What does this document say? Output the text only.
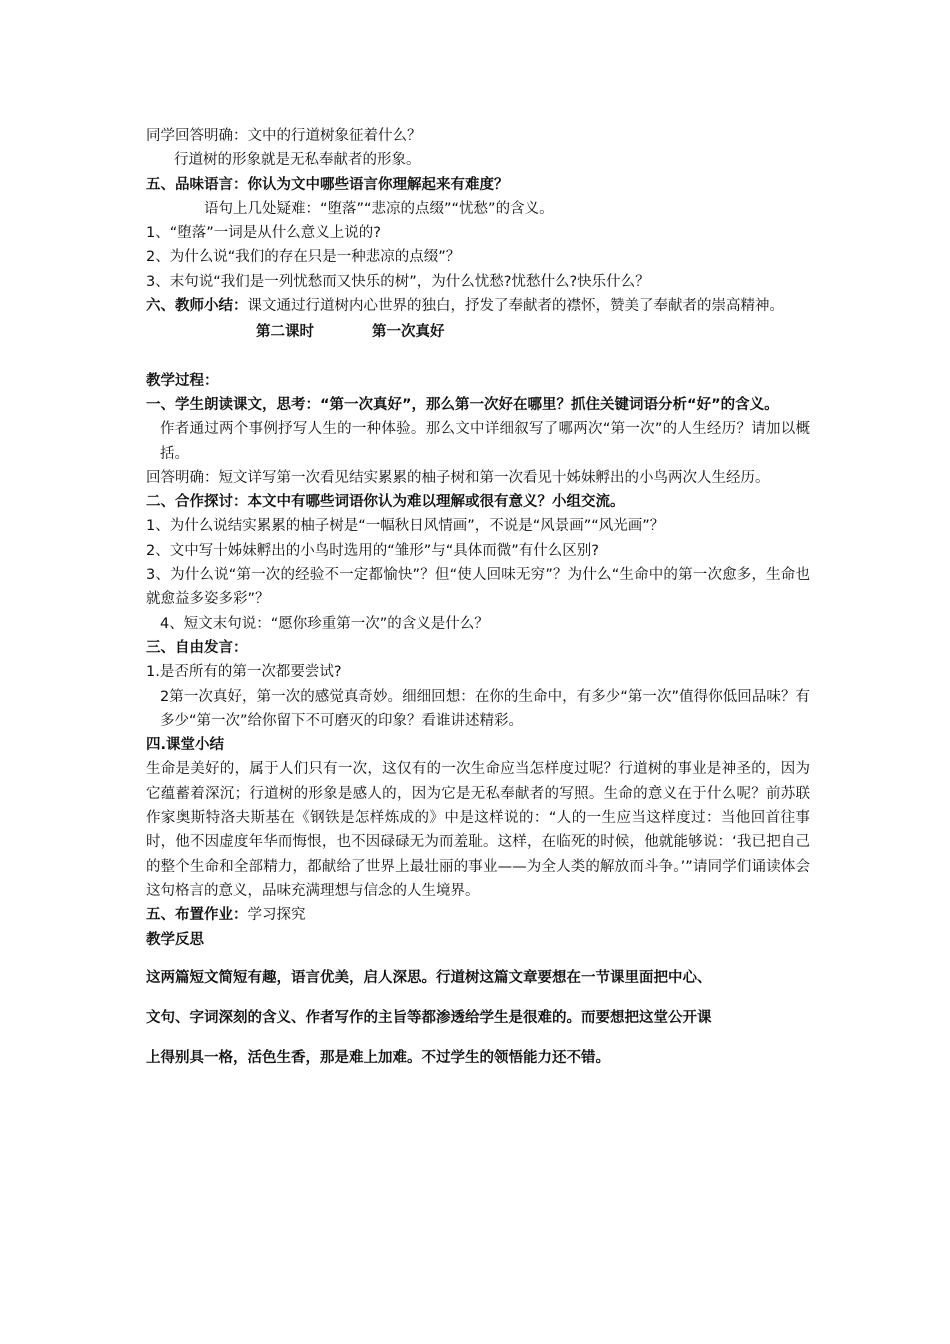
同学回答明确：文中的行道树象征着什么？
行道树的形象就是无私奉献者的形象。
五、品味语言：你认为文中哪些语言你理解起来有难度？
语句上几处疑难：“堕落”“悲凉的点缀”“忧愁”的含义。
1、“堕落”一词是从什么意义上说的?
2、为什么说“我们的存在只是一种悲凉的点缀”？
3、末句说“我们是一列忧愁而又快乐的树”，为什么忧愁?忧愁什么?快乐什么？
六、教师小结：课文通过行道树内心世界的独白，抒发了奉献者的襟怀，赞美了奉献者的崇高精神。
第二课时	第一次真好
教学过程：
一、学生朗读课文，思考：“第一次真好”，那么第一次好在哪里？抓住关键词语分析“好”的含义。
作者通过两个事例抒写人生的一种体验。那么文中详细叙写了哪两次“第一次”的人生经历？请加以概括。
回答明确：短文详写第一次看见结实累累的柚子树和第一次看见十姊妹孵出的小鸟两次人生经历。
二、合作探讨：本文中有哪些词语你认为难以理解或很有意义？小组交流。
1、为什么说结实累累的柚子树是“一幅秋日风情画”，不说是“风景画”“风光画”？
2、文中写十姊妹孵出的小鸟时选用的“雏形”与“具体而微”有什么区别?
3、为什么说“第一次的经验不一定都愉快”？但“使人回味无穷”？为什么“生命中的第一次愈多，生命也就愈益多姿多彩”？
4、短文末句说：“愿你珍重第一次”的含义是什么？
三、自由发言：
1.是否所有的第一次都要尝试?
2第一次真好，第一次的感觉真奇妙。细细回想：在你的生命中，有多少“第一次”值得你低回品味？有多少“第一次”给你留下不可磨灭的印象？看谁讲述精彩。
四.课堂小结
生命是美好的，属于人们只有一次，这仅有的一次生命应当怎样度过呢？行道树的事业是神圣的，因为它蕴蓄着深沉；行道树的形象是感人的，因为它是无私奉献者的写照。生命的意义在于什么呢？前苏联作家奥斯特洛夫斯基在《钢铁是怎样炼成的》中是这样说的：“人的一生应当这样度过：当他回首往事时，他不因虚度年华而悔恨，也不因碌碌无为而羞耻。这样，在临死的时候，他就能够说：‘我已把自己的整个生命和全部精力，都献给了世界上最壮丽的事业——为全人类的解放而斗争。’”请同学们诵读体会这句格言的意义，品味充满理想与信念的人生境界。
五、布置作业：学习探究
教学反思
这两篇短文简短有趣，语言优美，启人深思。行道树这篇文章要想在一节课里面把中心、
文句、字词深刻的含义、作者写作的主旨等都渗透给学生是很难的。而要想把这堂公开课
上得别具一格，活色生香，那是难上加难。不过学生的领悟能力还不错。
